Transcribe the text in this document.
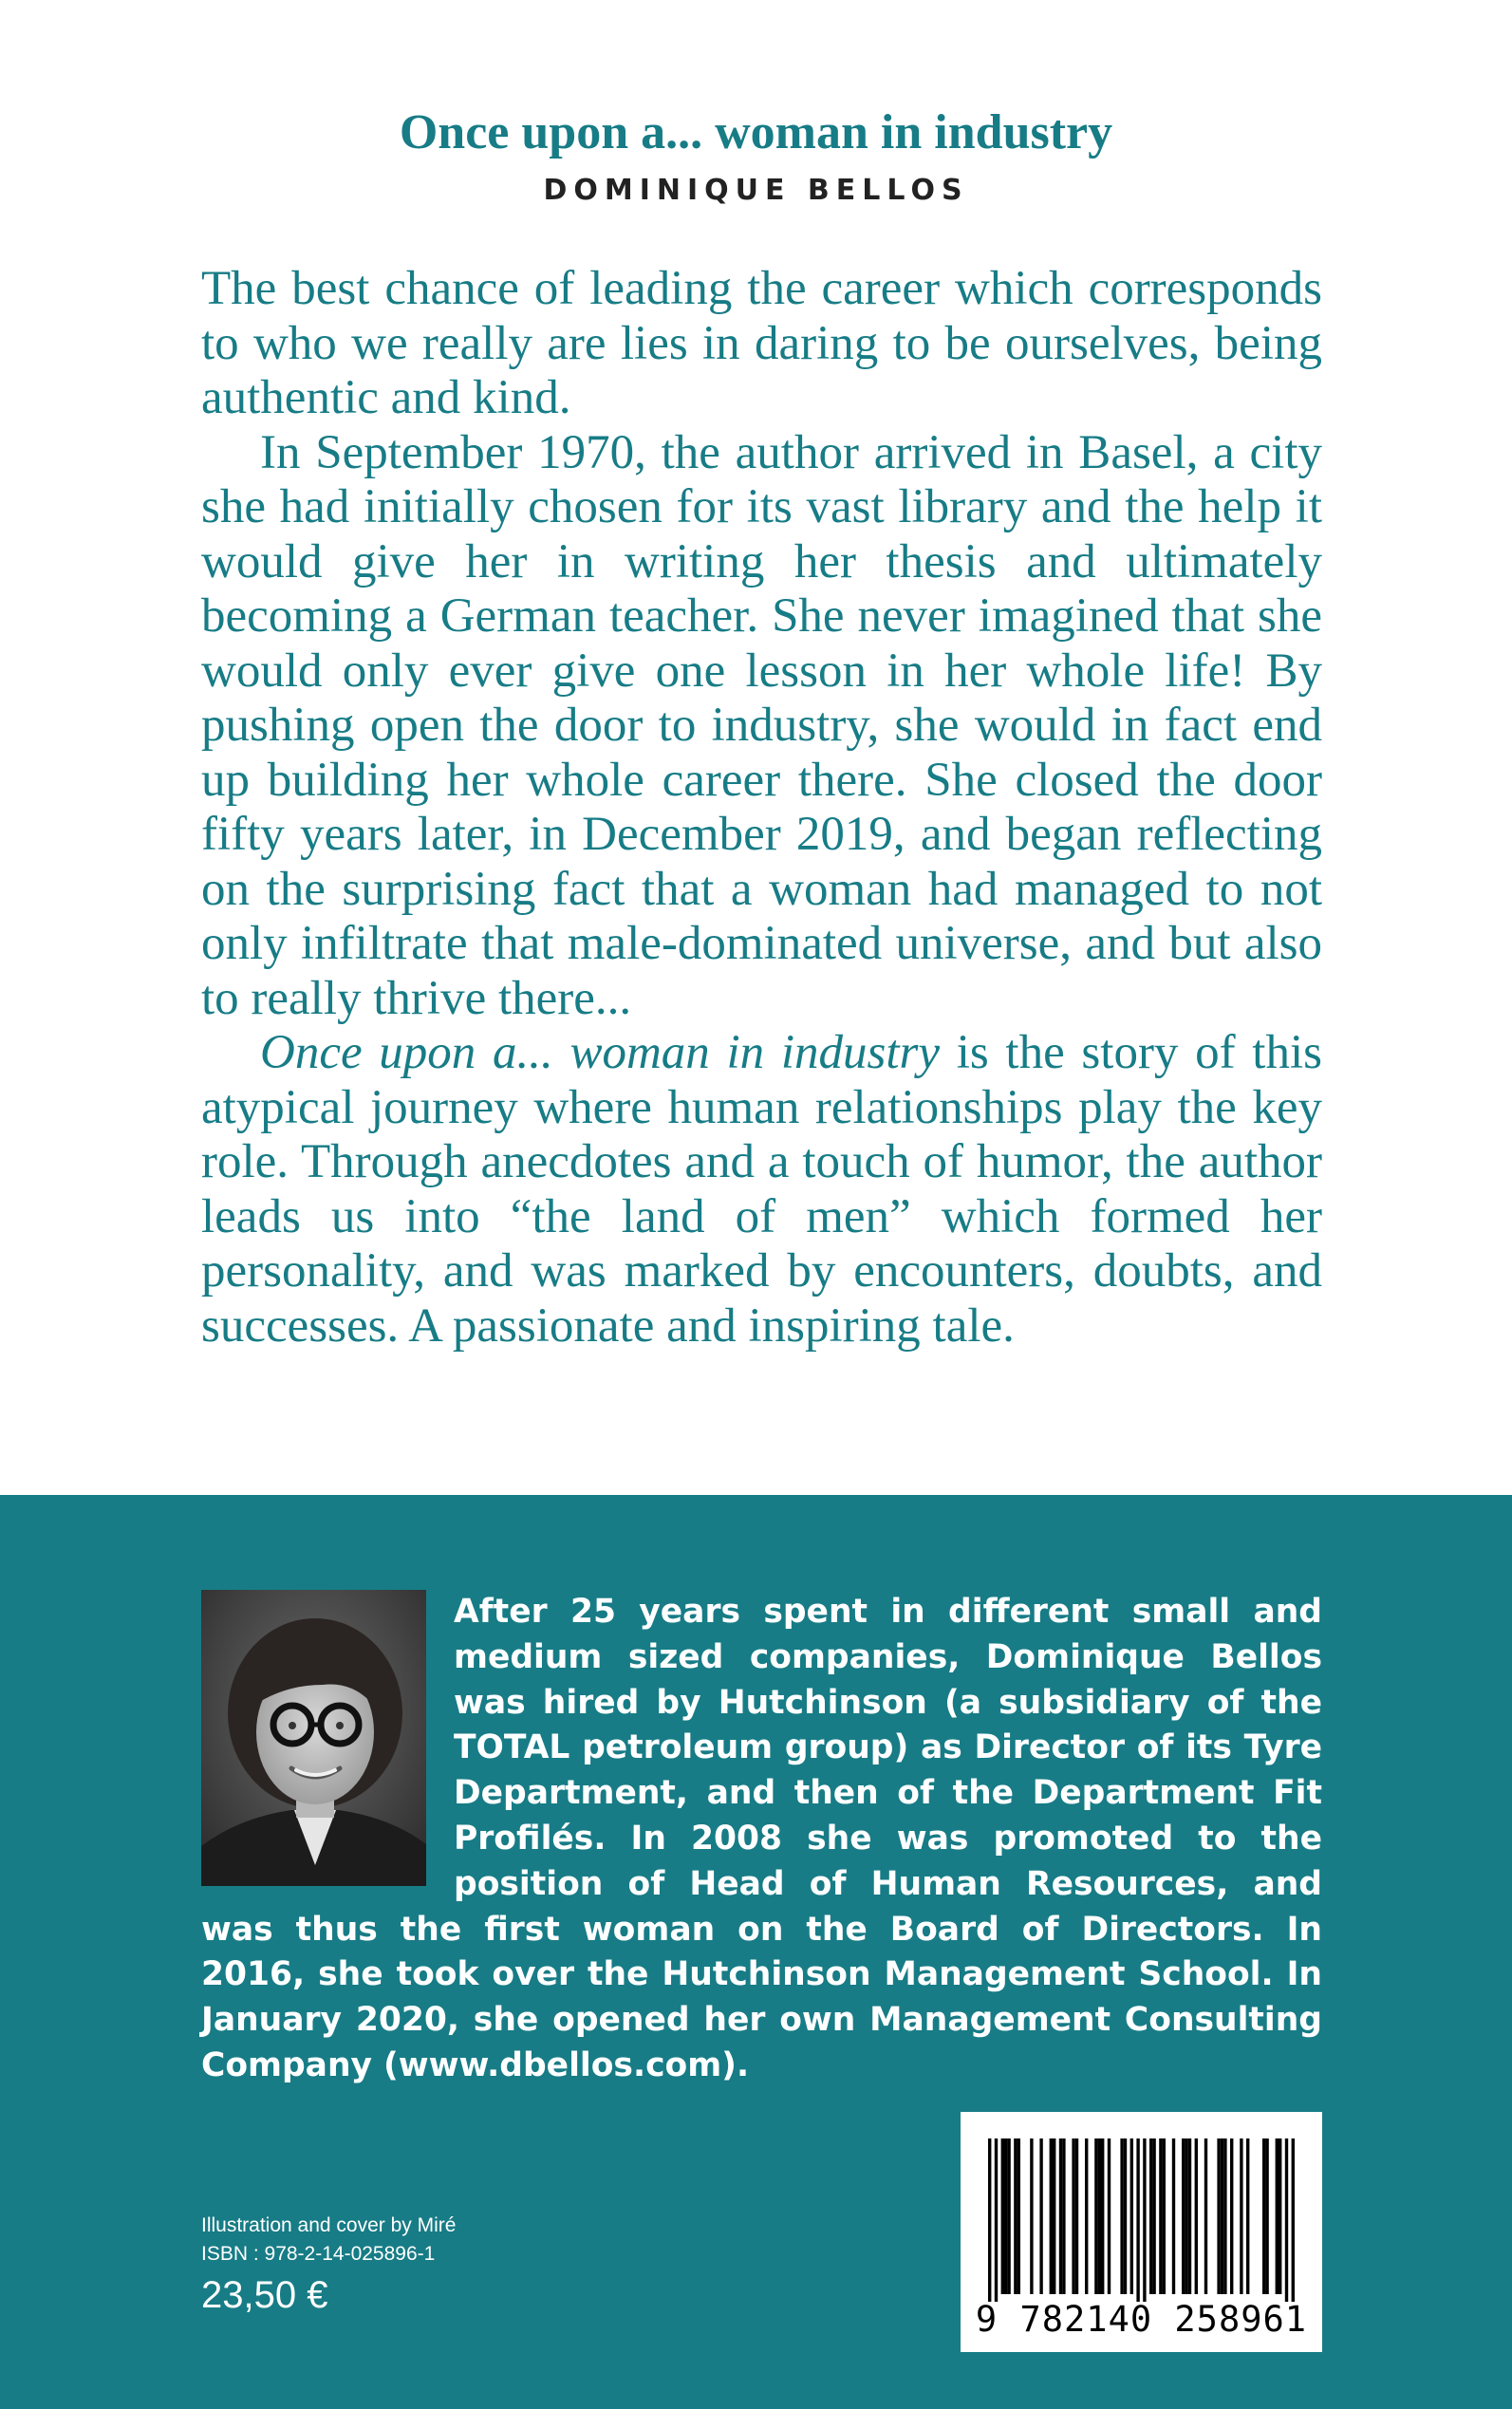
Once upon a... woman in industry
DOMINIQUE BELLOS

The best chance of leading the career which corresponds to who we really are lies in daring to be ourselves, being authentic and kind.

In September 1970, the author arrived in Basel, a city she had initially chosen for its vast library and the help it would give her in writing her thesis and ultimately becoming a German teacher. She never imagined that she would only ever give one lesson in her whole life! By pushing open the door to industry, she would in fact end up building her whole career there. She closed the door fifty years later, in December 2019, and began reflecting on the surprising fact that a woman had managed to not only infiltrate that male-dominated universe, and but also to really thrive there...

Once upon a... woman in industry is the story of this atypical journey where human relationships play the key role. Through anecdotes and a touch of humor, the author leads us into “the land of men” which formed her personality, and was marked by encounters, doubts, and successes. A passionate and inspiring tale.

After 25 years spent in different small and medium sized companies, Dominique Bellos was hired by Hutchinson (a subsidiary of the TOTAL petroleum group) as Director of its Tyre Department, and then of the Department Fit Profilés. In 2008 she was promoted to the position of Head of Human Resources, and was thus the first woman on the Board of Directors. In 2016, she took over the Hutchinson Management School. In January 2020, she opened her own Management Consulting Company (www.dbellos.com).
Illustration and cover by Miré
ISBN : 978-2-14-025896-1
23,50 €
9 782140 258961
